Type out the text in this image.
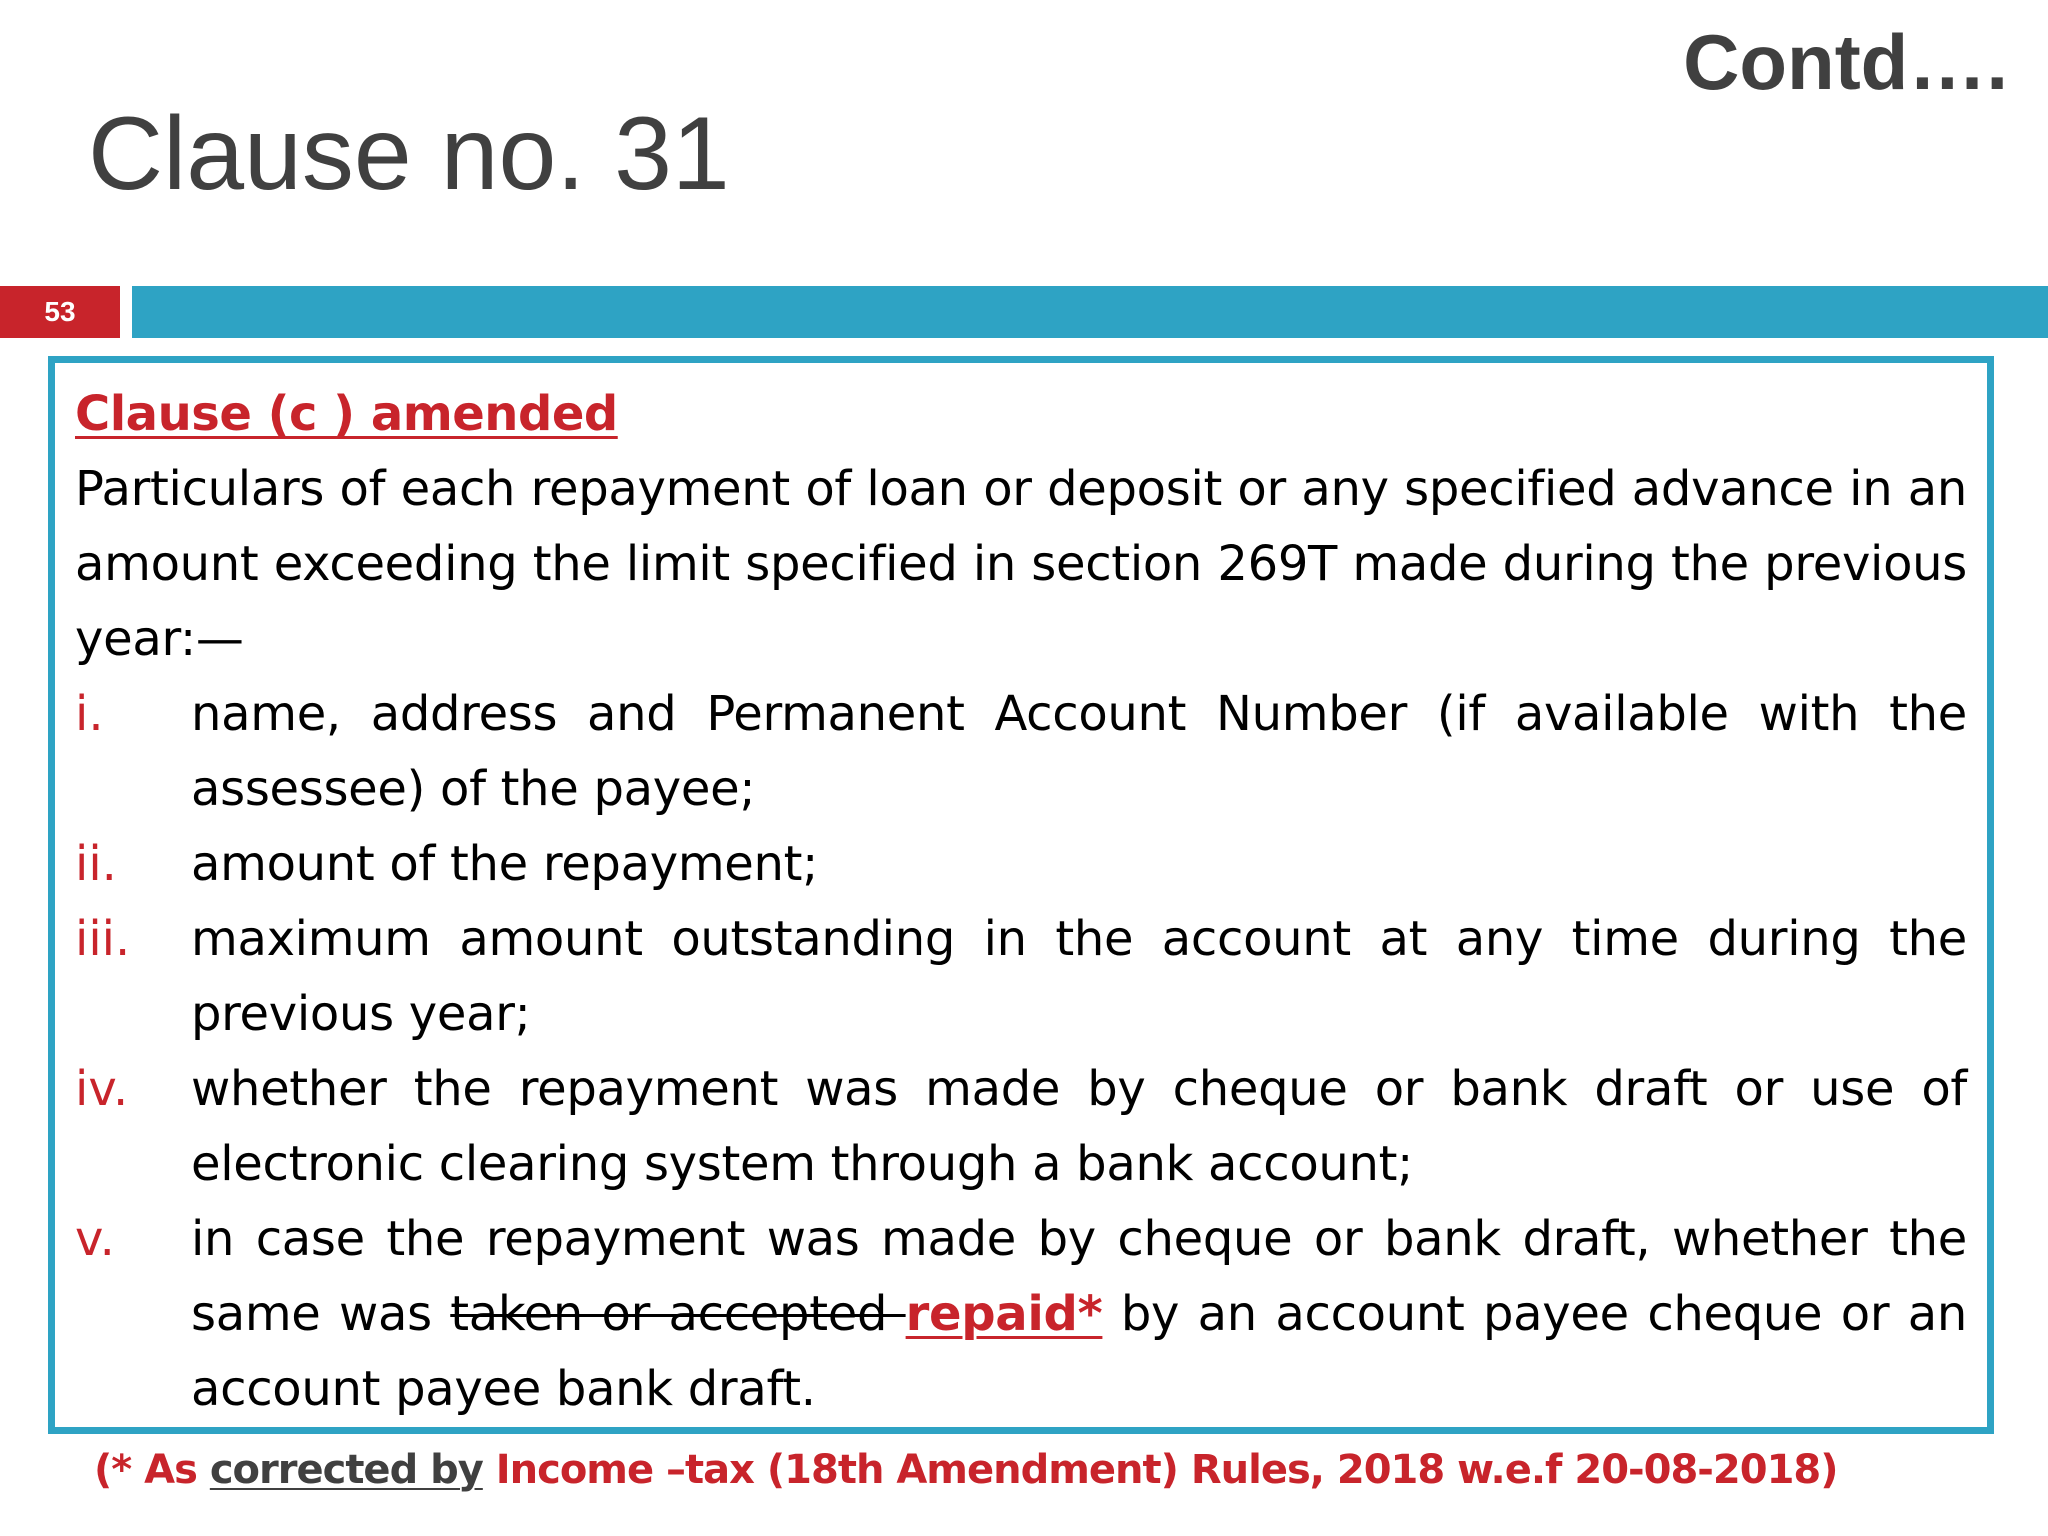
Contd….
Clause no. 31
53
Clause (c ) amended

Particulars of each repayment of loan or deposit or any specified advance in an amount exceeding the limit specified in section 269T made during the previous year:—

i.	name, address and Permanent Account Number (if available with the assessee) of the payee;
ii.	amount of the repayment;
iii.	maximum amount outstanding in the account at any time during the previous year;
iv.	whether the repayment was made by cheque or bank draft or use of electronic clearing system through a bank account;
v.	in case the repayment was made by cheque or bank draft, whether the same was taken or accepted repaid* by an account payee cheque or an account payee bank draft.
(* As corrected by Income –tax (18th Amendment) Rules, 2018 w.e.f 20-08-2018)
